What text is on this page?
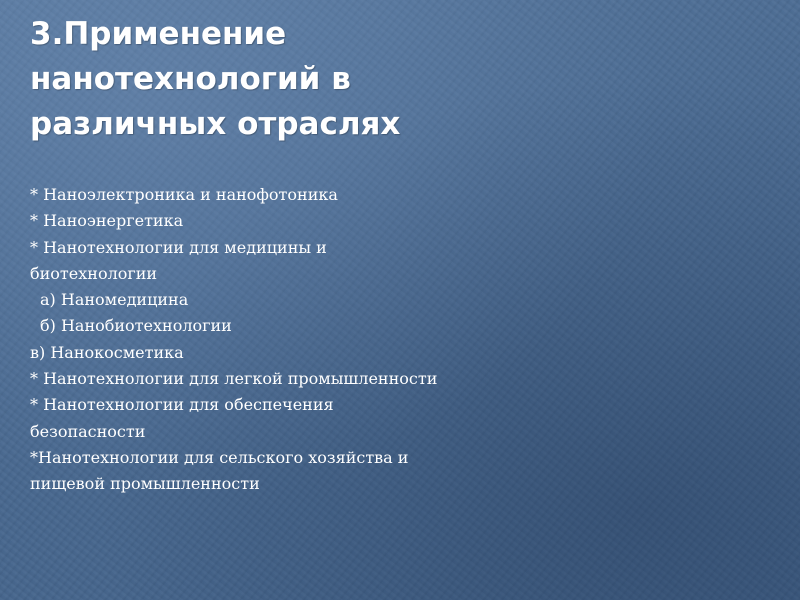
3.Применение
нанотехнологий в
различных отраслях
* Наноэлектроника и нанофотоника
* Наноэнергетика
* Нанотехнологии для медицины и биотехнологии
а) Наномедицина
б) Нанобиотехнологии
в) Нанокосметика
* Нанотехнологии для легкой промышленности
* Нанотехнологии для обеспечения безопасности
*Нанотехнологии для сельского хозяйства и пищевой промышленности
